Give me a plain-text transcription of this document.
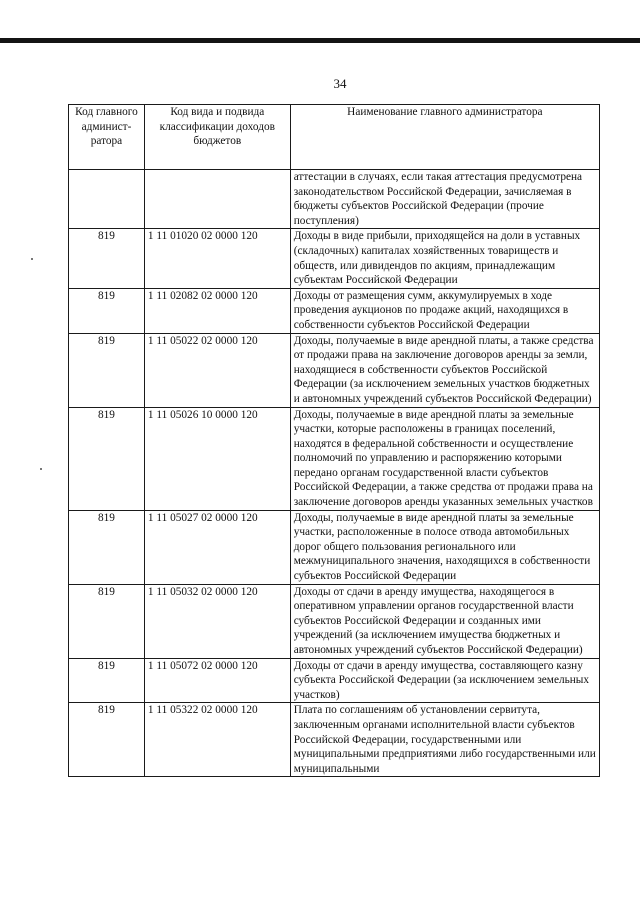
34
Код главного админист-ратора	Код вида и подвида классификации доходов бюджетов	Наименование главного администратора
		аттестации в случаях, если такая аттестация предусмотрена законодательством Российской Федерации, зачисляемая в бюджеты субъектов Российской Федерации (прочие поступления)
819	1 11 01020 02 0000 120	Доходы в виде прибыли, приходящейся на доли в уставных (складочных) капиталах хозяйственных товариществ и обществ, или дивидендов по акциям, принадлежащим субъектам Российской Федерации
819	1 11 02082 02 0000 120	Доходы от размещения сумм, аккумулируемых в ходе проведения аукционов по продаже акций, находящихся в собственности субъектов Российской Федерации
819	1 11 05022 02 0000 120	Доходы, получаемые в виде арендной платы, а также средства от продажи права на заключение договоров аренды за земли, находящиеся в собственности субъектов Российской Федерации (за исключением земельных участков бюджетных и автономных учреждений субъектов Российской Федерации)
819	1 11 05026 10 0000 120	Доходы, получаемые в виде арендной платы за земельные участки, которые расположены в границах поселений, находятся в федеральной собственности и осуществление полномочий по управлению и распоряжению которыми передано органам государственной власти субъектов Российской Федерации, а также средства от продажи права на заключение договоров аренды указанных земельных участков
819	1 11 05027 02 0000 120	Доходы, получаемые в виде арендной платы за земельные участки, расположенные в полосе отвода автомобильных дорог общего пользования регионального или межмуниципального значения, находящихся в собственности субъектов Российской Федерации
819	1 11 05032 02 0000 120	Доходы от сдачи в аренду имущества, находящегося в оперативном управлении органов государственной власти субъектов Российской Федерации и созданных ими учреждений (за исключением имущества бюджетных и автономных учреждений субъектов Российской Федерации)
819	1 11 05072 02 0000 120	Доходы от сдачи в аренду имущества, составляющего казну субъекта Российской Федерации (за исключением земельных участков)
819	1 11 05322 02 0000 120	Плата по соглашениям об установлении сервитута, заключенным органами исполнительной власти субъектов Российской Федерации, государственными или муниципальными предприятиями либо государственными или муниципальными
